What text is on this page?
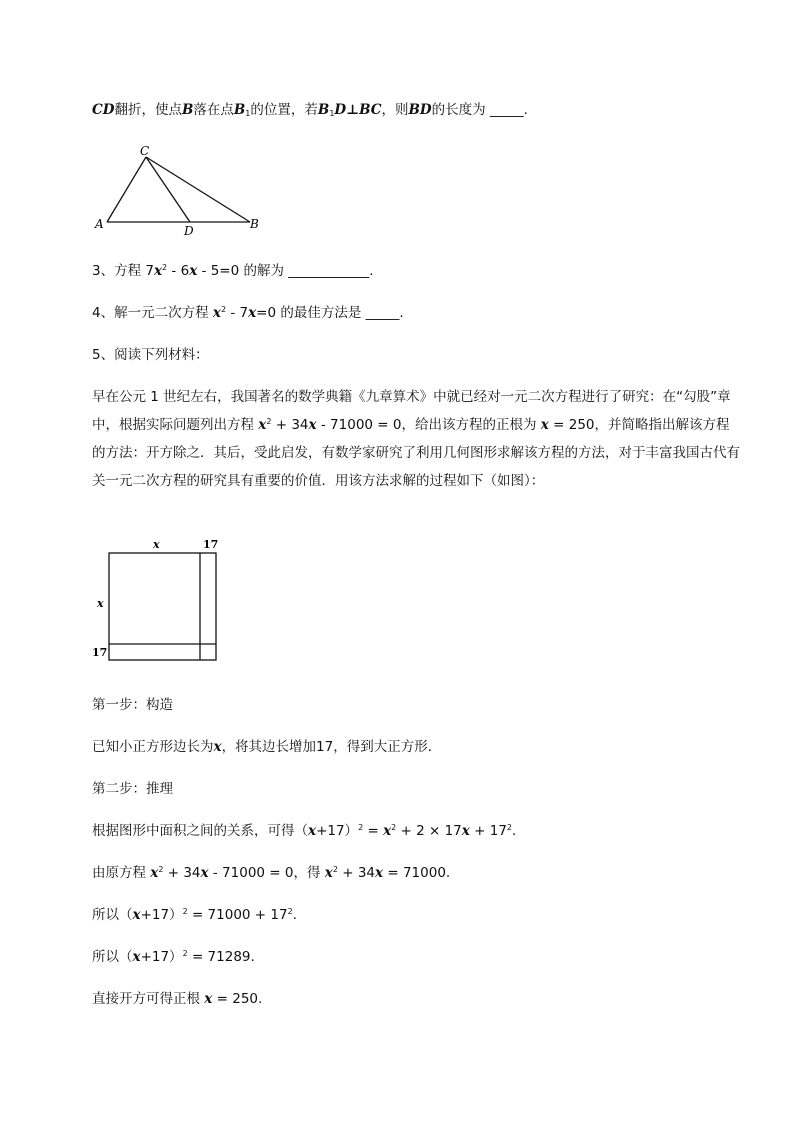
CD翻折，使点B落在点$B_1$的位置，若$B_1D\perp BC$，则BD的长度为 _____.
C
A	D	B
3、方程 $7x^2 - 6x - 5=0$ 的解为 ____________.
4、解一元二次方程 $x^2 - 7x=0$ 的最佳方法是 _____.
5、阅读下列材料：
早在公元 1 世纪左右，我国著名的数学典籍《九章算术》中就已经对一元二次方程进行了研究：在“勾股”章中，根据实际问题列出方程 $x^2 + 34x - 71000 = 0$，给出该方程的正根为 x = 250，并简略指出解该方程的方法：开方除之．其后，受此启发，有数学家研究了利用几何图形求解该方程的方法，对于丰富我国古代有关一元二次方程的研究具有重要的价值．用该方法求解的过程如下（如图）：
x	17
x
17
第一步：构造
已知小正方形边长为x，将其边长增加17，得到大正方形．
第二步：推理
根据图形中面积之间的关系，可得$(x+17)^2 = x^2 + 2 \times 17x + 17^2$.
由原方程 $x^2 + 34x - 71000 = 0$，得 $x^2 + 34x = 71000$.
所以$(x+17)^2 = 71000 + 17^2$.
所以$(x+17)^2 = 71289$.
直接开方可得正根 x = 250.
